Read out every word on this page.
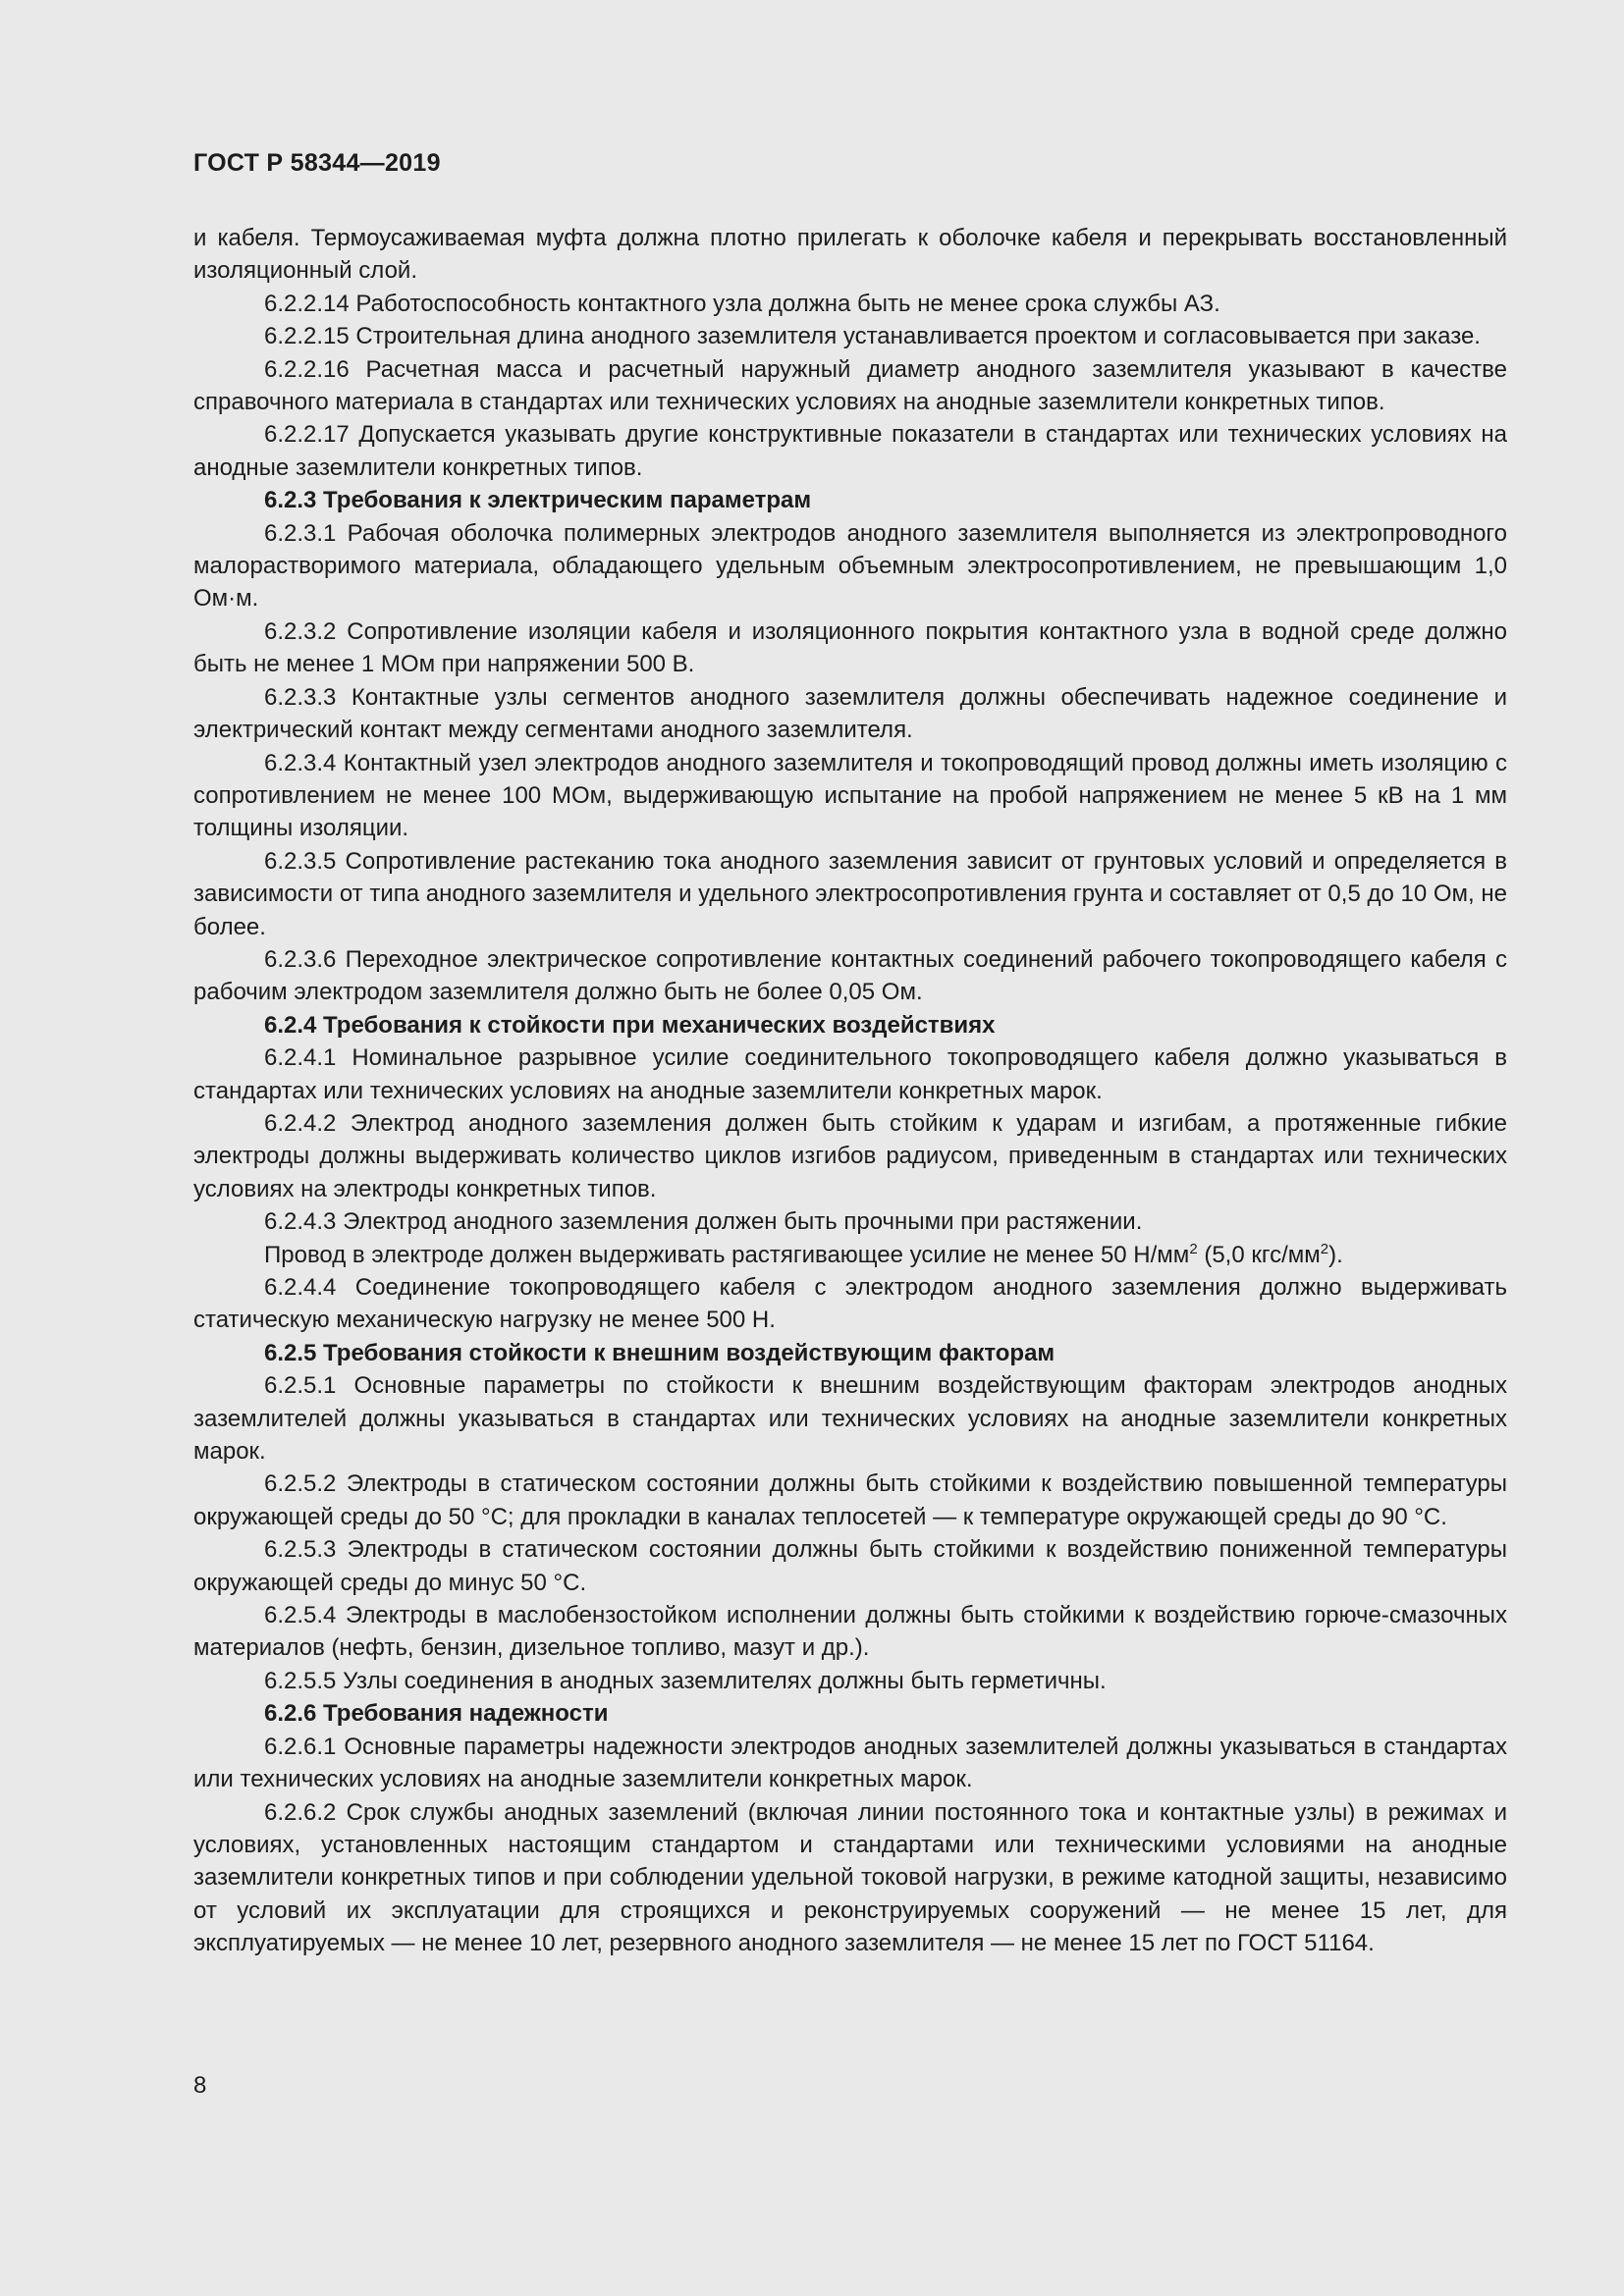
ГОСТ Р 58344—2019

и кабеля. Термоусаживаемая муфта должна плотно прилегать к оболочке кабеля и перекрывать восстановленный изоляционный слой.

6.2.2.14 Работоспособность контактного узла должна быть не менее срока службы АЗ.

6.2.2.15 Строительная длина анодного заземлителя устанавливается проектом и согласовывается при заказе.

6.2.2.16 Расчетная масса и расчетный наружный диаметр анодного заземлителя указывают в качестве справочного материала в стандартах или технических условиях на анодные заземлители конкретных типов.

6.2.2.17 Допускается указывать другие конструктивные показатели в стандартах или технических условиях на анодные заземлители конкретных типов.

6.2.3 Требования к электрическим параметрам

6.2.3.1 Рабочая оболочка полимерных электродов анодного заземлителя выполняется из электропроводного малорастворимого материала, обладающего удельным объемным электросопротивлением, не превышающим 1,0 Ом·м.

6.2.3.2 Сопротивление изоляции кабеля и изоляционного покрытия контактного узла в водной среде должно быть не менее 1 МОм при напряжении 500 В.

6.2.3.3 Контактные узлы сегментов анодного заземлителя должны обеспечивать надежное соединение и электрический контакт между сегментами анодного заземлителя.

6.2.3.4 Контактный узел электродов анодного заземлителя и токопроводящий провод должны иметь изоляцию с сопротивлением не менее 100 МОм, выдерживающую испытание на пробой напряжением не менее 5 кВ на 1 мм толщины изоляции.

6.2.3.5 Сопротивление растеканию тока анодного заземления зависит от грунтовых условий и определяется в зависимости от типа анодного заземлителя и удельного электросопротивления грунта и составляет от 0,5 до 10 Ом, не более.

6.2.3.6 Переходное электрическое сопротивление контактных соединений рабочего токопроводящего кабеля с рабочим электродом заземлителя должно быть не более 0,05 Ом.

6.2.4 Требования к стойкости при механических воздействиях

6.2.4.1 Номинальное разрывное усилие соединительного токопроводящего кабеля должно указываться в стандартах или технических условиях на анодные заземлители конкретных марок.

6.2.4.2 Электрод анодного заземления должен быть стойким к ударам и изгибам, а протяженные гибкие электроды должны выдерживать количество циклов изгибов радиусом, приведенным в стандартах или технических условиях на электроды конкретных типов.

6.2.4.3 Электрод анодного заземления должен быть прочными при растяжении.

Провод в электроде должен выдерживать растягивающее усилие не менее 50 $Н/мм^2$ (5,0 кгс/$мм^2$).

6.2.4.4 Соединение токопроводящего кабеля с электродом анодного заземления должно выдерживать статическую механическую нагрузку не менее 500 Н.

6.2.5 Требования стойкости к внешним воздействующим факторам

6.2.5.1 Основные параметры по стойкости к внешним воздействующим факторам электродов анодных заземлителей должны указываться в стандартах или технических условиях на анодные заземлители конкретных марок.

6.2.5.2 Электроды в статическом состоянии должны быть стойкими к воздействию повышенной температуры окружающей среды до 50 °С; для прокладки в каналах теплосетей — к температуре окружающей среды до 90 °С.

6.2.5.3 Электроды в статическом состоянии должны быть стойкими к воздействию пониженной температуры окружающей среды до минус 50 °С.

6.2.5.4 Электроды в маслобензостойком исполнении должны быть стойкими к воздействию горюче-смазочных материалов (нефть, бензин, дизельное топливо, мазут и др.).

6.2.5.5 Узлы соединения в анодных заземлителях должны быть герметичны.

6.2.6 Требования надежности

6.2.6.1 Основные параметры надежности электродов анодных заземлителей должны указываться в стандартах или технических условиях на анодные заземлители конкретных марок.

6.2.6.2 Срок службы анодных заземлений (включая линии постоянного тока и контактные узлы) в режимах и условиях, установленных настоящим стандартом и стандартами или техническими условиями на анодные заземлители конкретных типов и при соблюдении удельной токовой нагрузки, в режиме катодной защиты, независимо от условий их эксплуатации для строящихся и реконструируемых сооружений — не менее 15 лет, для эксплуатируемых — не менее 10 лет, резервного анодного заземлителя — не менее 15 лет по ГОСТ 51164.

8
